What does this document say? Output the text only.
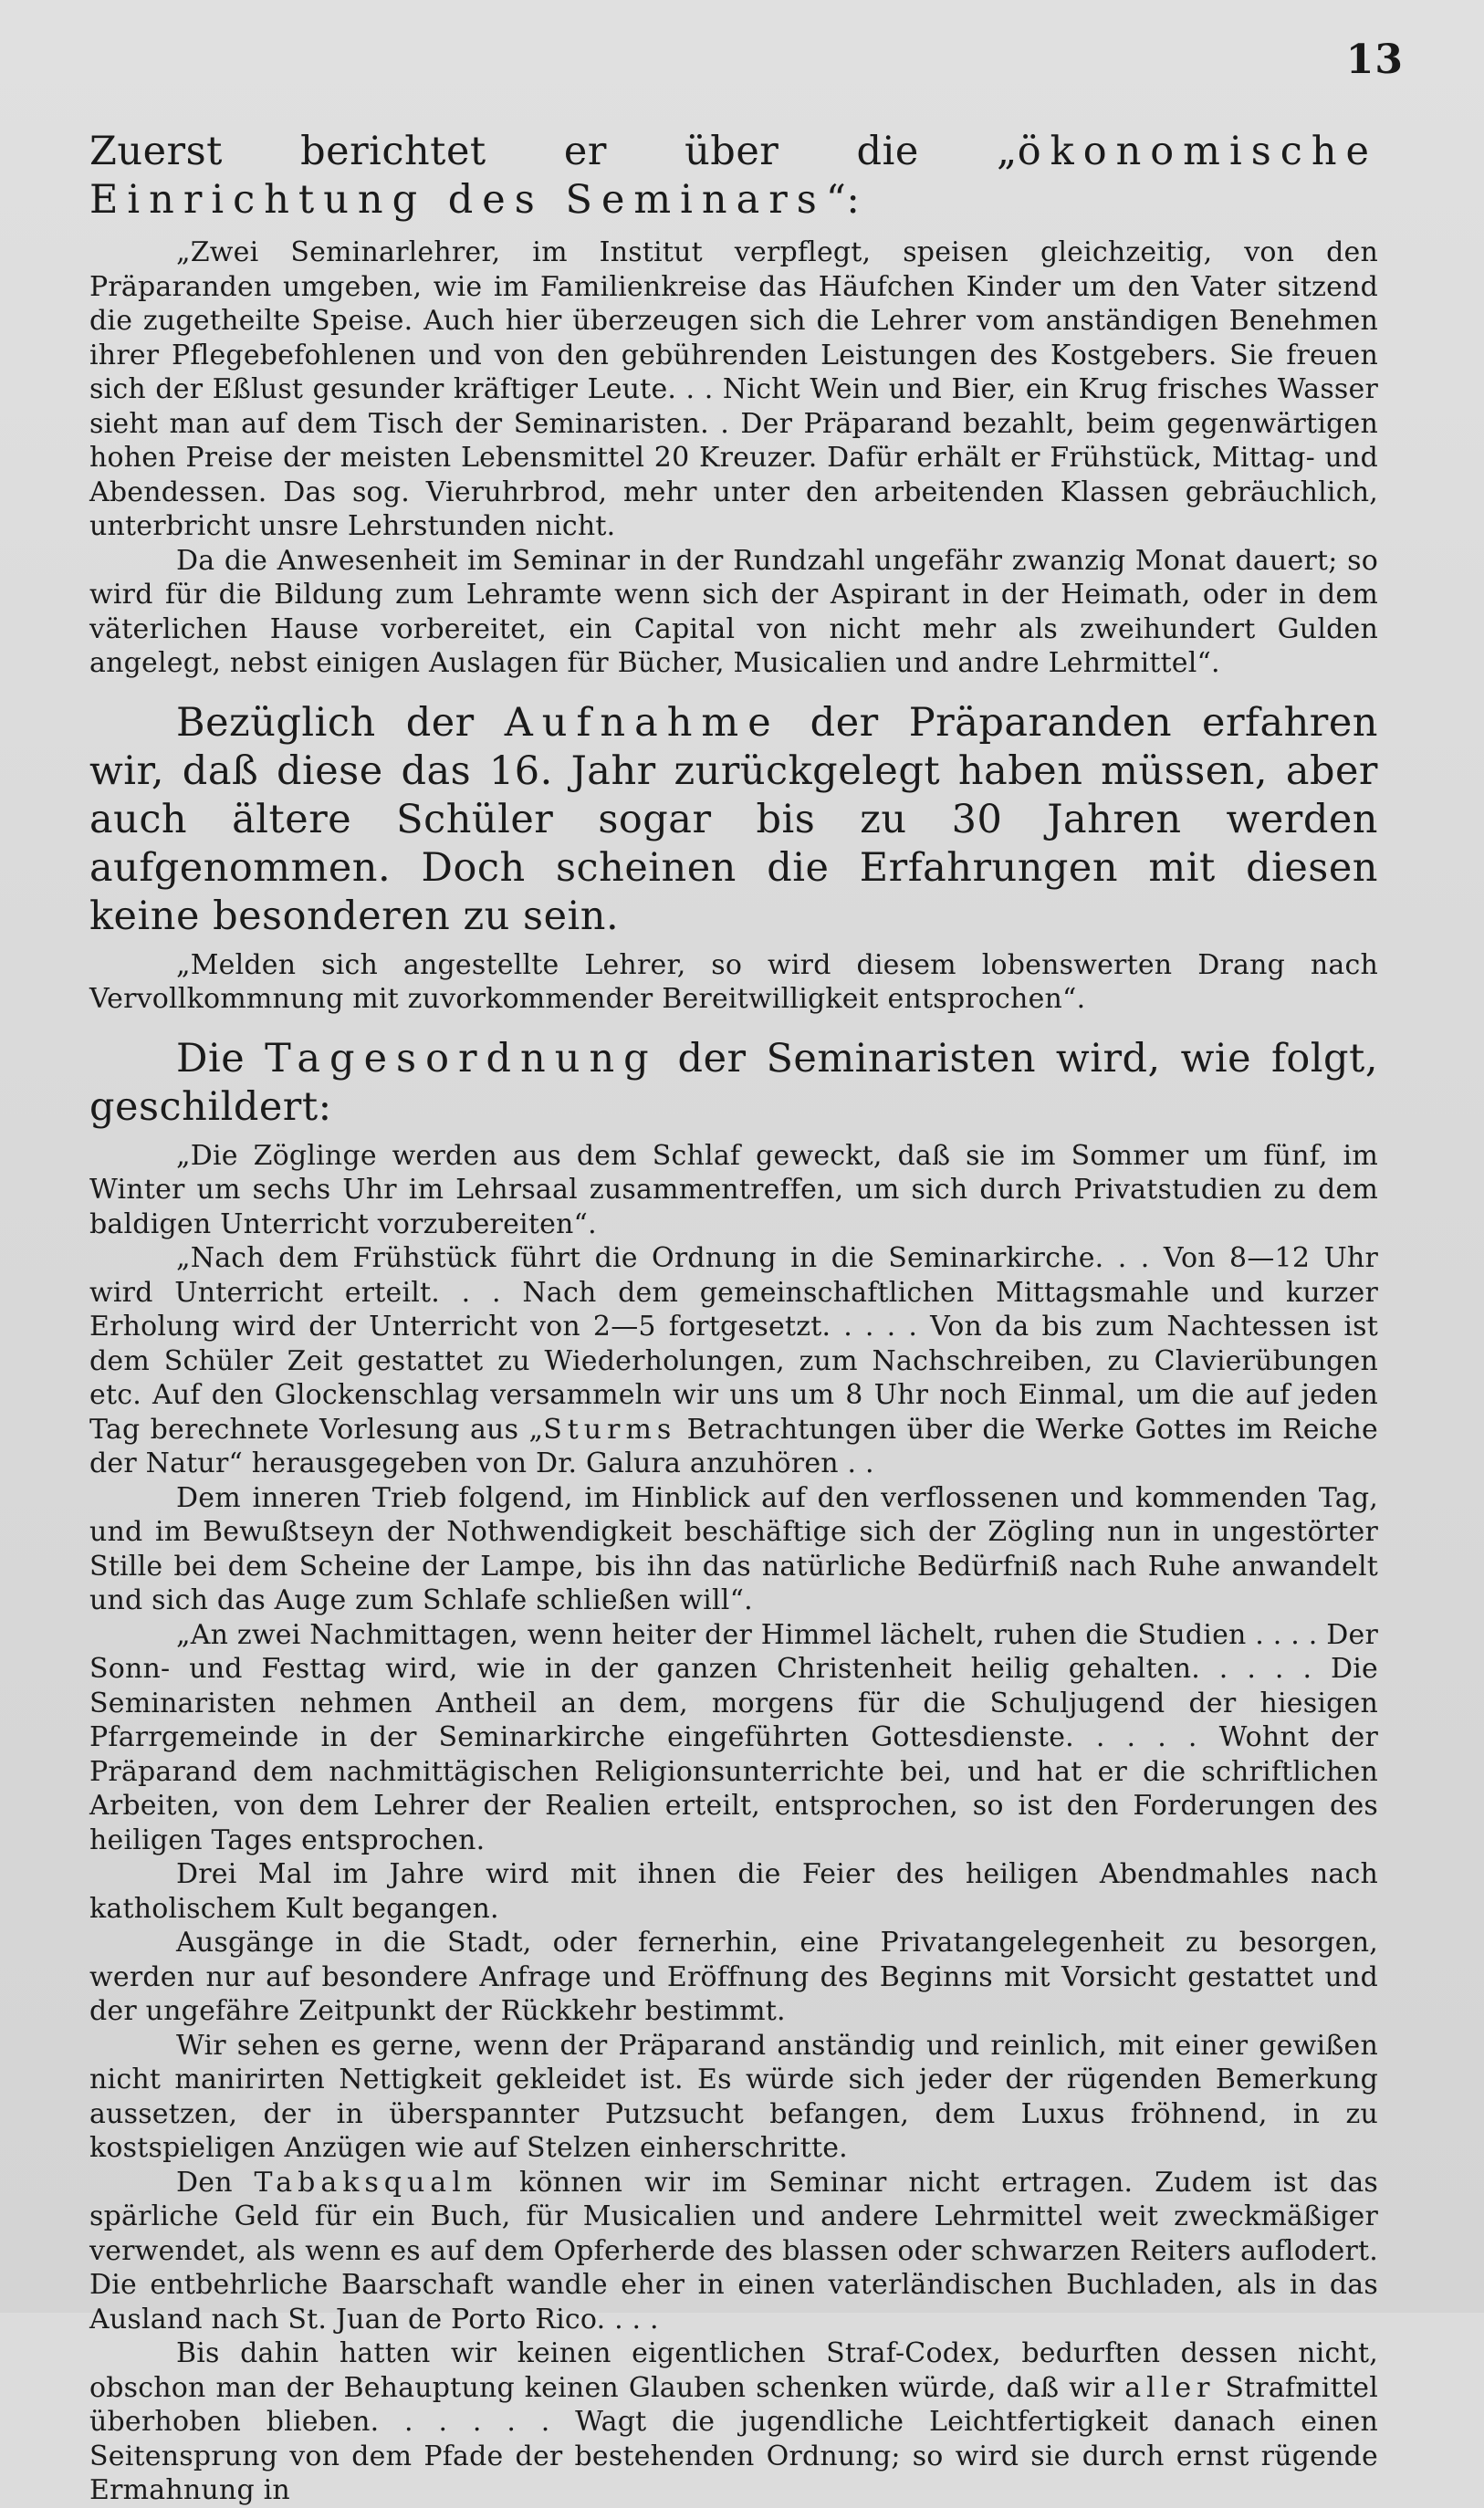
13

Zuerst berichtet er über die „ökonomische Einrichtung des Seminars“:

„Zwei Seminarlehrer, im Institut verpflegt, speisen gleichzeitig, von den Präparanden umgeben, wie im Familienkreise das Häufchen Kinder um den Vater sitzend die zugetheilte Speise. Auch hier überzeugen sich die Lehrer vom anständigen Benehmen ihrer Pflegebefohlenen und von den gebührenden Leistungen des Kostgebers. Sie freuen sich der Eßlust gesunder kräftiger Leute. . . Nicht Wein und Bier, ein Krug frisches Wasser sieht man auf dem Tisch der Seminaristen. . Der Präparand bezahlt, beim gegenwärtigen hohen Preise der meisten Lebensmittel 20 Kreuzer. Dafür erhält er Frühstück, Mittag- und Abendessen. Das sog. Vieruhrbrod, mehr unter den arbeitenden Klassen gebräuchlich, unterbricht unsre Lehrstunden nicht.

Da die Anwesenheit im Seminar in der Rundzahl ungefähr zwanzig Monat dauert; so wird für die Bildung zum Lehramte wenn sich der Aspirant in der Heimath, oder in dem väterlichen Hause vorbereitet, ein Capital von nicht mehr als zweihundert Gulden angelegt, nebst einigen Auslagen für Bücher, Musicalien und andre Lehrmittel“.

Bezüglich der Aufnahme der Präparanden erfahren wir, daß diese das 16. Jahr zurückgelegt haben müssen, aber auch ältere Schüler sogar bis zu 30 Jahren werden aufgenommen. Doch scheinen die Erfahrungen mit diesen keine besonderen zu sein.

„Melden sich angestellte Lehrer, so wird diesem lobenswerten Drang nach Vervollkommnung mit zuvorkommender Bereitwilligkeit entsprochen“.

Die Tagesordnung der Seminaristen wird, wie folgt, geschildert:

„Die Zöglinge werden aus dem Schlaf geweckt, daß sie im Sommer um fünf, im Winter um sechs Uhr im Lehrsaal zusammentreffen, um sich durch Privatstudien zu dem baldigen Unterricht vorzubereiten“.

„Nach dem Frühstück führt die Ordnung in die Seminarkirche. . . Von 8—12 Uhr wird Unterricht erteilt. . . Nach dem gemeinschaftlichen Mittagsmahle und kurzer Erholung wird der Unterricht von 2—5 fortgesetzt. . . . . Von da bis zum Nachtessen ist dem Schüler Zeit gestattet zu Wiederholungen, zum Nachschreiben, zu Clavierübungen etc. Auf den Glockenschlag versammeln wir uns um 8 Uhr noch Einmal, um die auf jeden Tag berechnete Vorlesung aus „Sturms Betrachtungen über die Werke Gottes im Reiche der Natur“ herausgegeben von Dr. Galura anzuhören . .

Dem inneren Trieb folgend, im Hinblick auf den verflossenen und kommenden Tag, und im Bewußtseyn der Nothwendigkeit beschäftige sich der Zögling nun in ungestörter Stille bei dem Scheine der Lampe, bis ihn das natürliche Bedürfniß nach Ruhe anwandelt und sich das Auge zum Schlafe schließen will“.

„An zwei Nachmittagen, wenn heiter der Himmel lächelt, ruhen die Studien . . . . Der Sonn- und Festtag wird, wie in der ganzen Christenheit heilig gehalten. . . . . Die Seminaristen nehmen Antheil an dem, morgens für die Schuljugend der hiesigen Pfarrgemeinde in der Seminarkirche eingeführten Gottesdienste. . . . . Wohnt der Präparand dem nachmittägischen Religionsunterrichte bei, und hat er die schriftlichen Arbeiten, von dem Lehrer der Realien erteilt, entsprochen, so ist den Forderungen des heiligen Tages entsprochen.

Drei Mal im Jahre wird mit ihnen die Feier des heiligen Abendmahles nach katholischem Kult begangen.

Ausgänge in die Stadt, oder fernerhin, eine Privatangelegenheit zu besorgen, werden nur auf besondere Anfrage und Eröffnung des Beginns mit Vorsicht gestattet und der ungefähre Zeitpunkt der Rückkehr bestimmt.

Wir sehen es gerne, wenn der Präparand anständig und reinlich, mit einer gewißen nicht manirirten Nettigkeit gekleidet ist. Es würde sich jeder der rügenden Bemerkung aussetzen, der in überspannter Putzsucht befangen, dem Luxus fröhnend, in zu kostspieligen Anzügen wie auf Stelzen einherschritte.

Den Tabaksqualm können wir im Seminar nicht ertragen. Zudem ist das spärliche Geld für ein Buch, für Musicalien und andere Lehrmittel weit zweckmäßiger verwendet, als wenn es auf dem Opferherde des blassen oder schwarzen Reiters auflodert. Die entbehrliche Baarschaft wandle eher in einen vaterländischen Buchladen, als in das Ausland nach St. Juan de Porto Rico. . . .

Bis dahin hatten wir keinen eigentlichen Straf-Codex, bedurften dessen nicht, obschon man der Behauptung keinen Glauben schenken würde, daß wir aller Strafmittel überhoben blieben. . . . . . Wagt die jugendliche Leichtfertigkeit danach einen Seitensprung von dem Pfade der bestehenden Ordnung; so wird sie durch ernst rügende Ermahnung in
